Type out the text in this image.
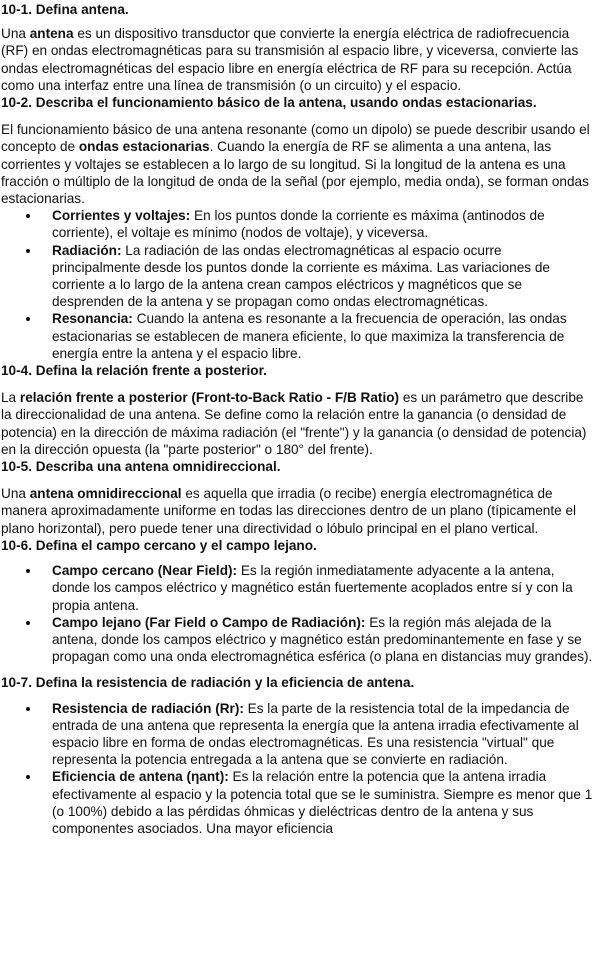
10-1. Defina antena.

Una antena es un dispositivo transductor que convierte la energía eléctrica de radiofrecuencia (RF) en ondas electromagnéticas para su transmisión al espacio libre, y viceversa, convierte las ondas electromagnéticas del espacio libre en energía eléctrica de RF para su recepción. Actúa como una interfaz entre una línea de transmisión (o un circuito) y el espacio.

10-2. Describa el funcionamiento básico de la antena, usando ondas estacionarias.

El funcionamiento básico de una antena resonante (como un dipolo) se puede describir usando el concepto de ondas estacionarias. Cuando la energía de RF se alimenta a una antena, las corrientes y voltajes se establecen a lo largo de su longitud. Si la longitud de la antena es una fracción o múltiplo de la longitud de onda de la señal (por ejemplo, media onda), se forman ondas estacionarias.

Corrientes y voltajes: En los puntos donde la corriente es máxima (antinodos de corriente), el voltaje es mínimo (nodos de voltaje), y viceversa.
Radiación: La radiación de las ondas electromagnéticas al espacio ocurre principalmente desde los puntos donde la corriente es máxima. Las variaciones de corriente a lo largo de la antena crean campos eléctricos y magnéticos que se desprenden de la antena y se propagan como ondas electromagnéticas.
Resonancia: Cuando la antena es resonante a la frecuencia de operación, las ondas estacionarias se establecen de manera eficiente, lo que maximiza la transferencia de energía entre la antena y el espacio libre.
10-4. Defina la relación frente a posterior.

La relación frente a posterior (Front-to-Back Ratio - F/B Ratio) es un parámetro que describe la direccionalidad de una antena. Se define como la relación entre la ganancia (o densidad de potencia) en la dirección de máxima radiación (el "frente") y la ganancia (o densidad de potencia) en la dirección opuesta (la "parte posterior" o 180° del frente).

10-5. Describa una antena omnidireccional.

Una antena omnidireccional es aquella que irradia (o recibe) energía electromagnética de manera aproximadamente uniforme en todas las direcciones dentro de un plano (típicamente el plano horizontal), pero puede tener una directividad o lóbulo principal en el plano vertical.

10-6. Defina el campo cercano y el campo lejano.
Campo cercano (Near Field): Es la región inmediatamente adyacente a la antena, donde los campos eléctrico y magnético están fuertemente acoplados entre sí y con la propia antena.
Campo lejano (Far Field o Campo de Radiación): Es la región más alejada de la antena, donde los campos eléctrico y magnético están predominantemente en fase y se propagan como una onda electromagnética esférica (o plana en distancias muy grandes).
10-7. Defina la resistencia de radiación y la eficiencia de antena.
Resistencia de radiación (Rr): Es la parte de la resistencia total de la impedancia de entrada de una antena que representa la energía que la antena irradia efectivamente al espacio libre en forma de ondas electromagnéticas. Es una resistencia "virtual" que representa la potencia entregada a la antena que se convierte en radiación.
Eficiencia de antena (ηant): Es la relación entre la potencia que la antena irradia efectivamente al espacio y la potencia total que se le suministra. Siempre es menor que 1 (o 100%) debido a las pérdidas óhmicas y dieléctricas dentro de la antena y sus componentes asociados. Una mayor eficiencia
